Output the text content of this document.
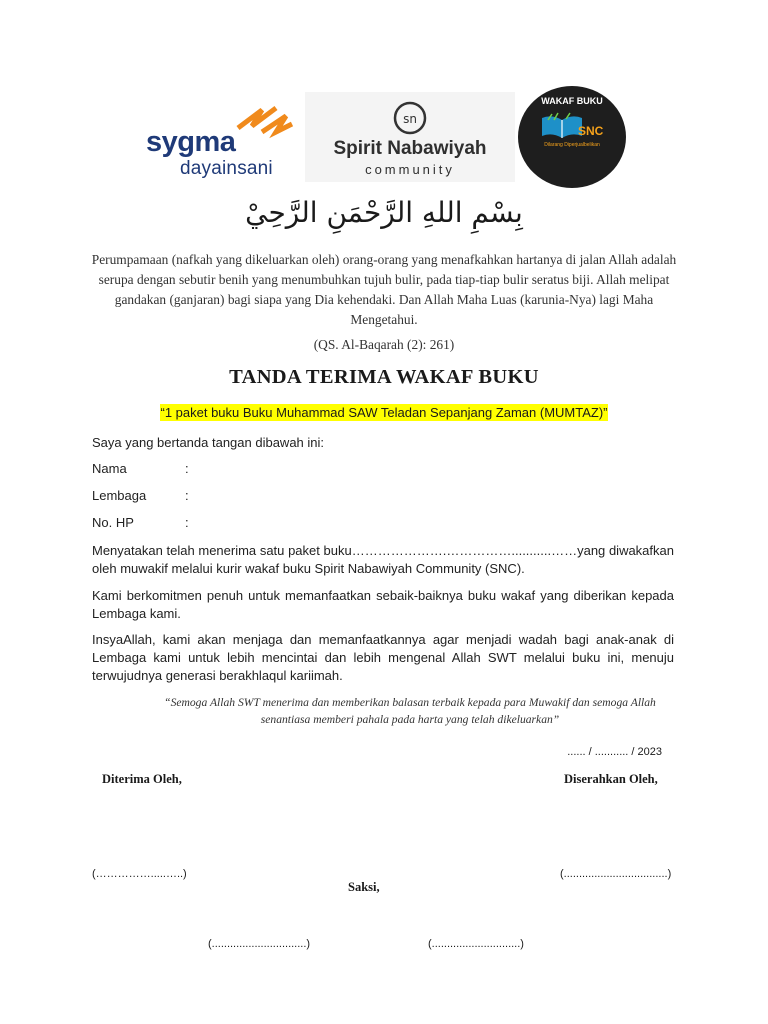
sygma
dayainsani
sn
Spirit Nabawiyah
community
WAKAF BUKU
SNC
Dilarang Diperjualbelikan
بِسْمِ اللهِ الرَّحْمَنِ الرَّحِيْ
Perumpamaan (nafkah yang dikeluarkan oleh) orang-orang yang menafkahkan hartanya di jalan Allah adalah serupa dengan sebutir benih yang menumbuhkan tujuh bulir, pada tiap-tiap bulir seratus biji. Allah melipat gandakan (ganjaran) bagi siapa yang Dia kehendaki. Dan Allah Maha Luas (karunia-Nya) lagi Maha Mengetahui.
(QS. Al-Baqarah (2): 261)
TANDA TERIMA WAKAF BUKU
“1 paket buku Buku Muhammad SAW Teladan Sepanjang Zaman (MUMTAZ)”
Saya yang bertanda tangan dibawah ini:
Nama	:
Lembaga	:
No. HP	:
Menyatakan telah menerima satu paket buku………………….……………...........……yang diwakafkan oleh muwakif melalui kurir wakaf buku Spirit Nabawiyah Community (SNC).
Kami berkomitmen penuh untuk memanfaatkan sebaik-baiknya buku wakaf yang diberikan kepada Lembaga kami.
InsyaAllah, kami akan menjaga dan memanfaatkannya agar menjadi wadah bagi anak-anak di Lembaga kami untuk lebih mencintai dan lebih mengenal Allah SWT melalui buku ini, menuju terwujudnya generasi berakhlaqul kariimah.
“Semoga Allah SWT menerima dan memberikan balasan terbaik kepada para Muwakif dan semoga Allah senantiasa memberi pahala pada harta yang telah dikeluarkan”
...... / ........... / 2023
Diterima Oleh,	Diserahkan Oleh,
(…………….....…..)	(..................................)
Saksi,
(...............................)	(.............................)
